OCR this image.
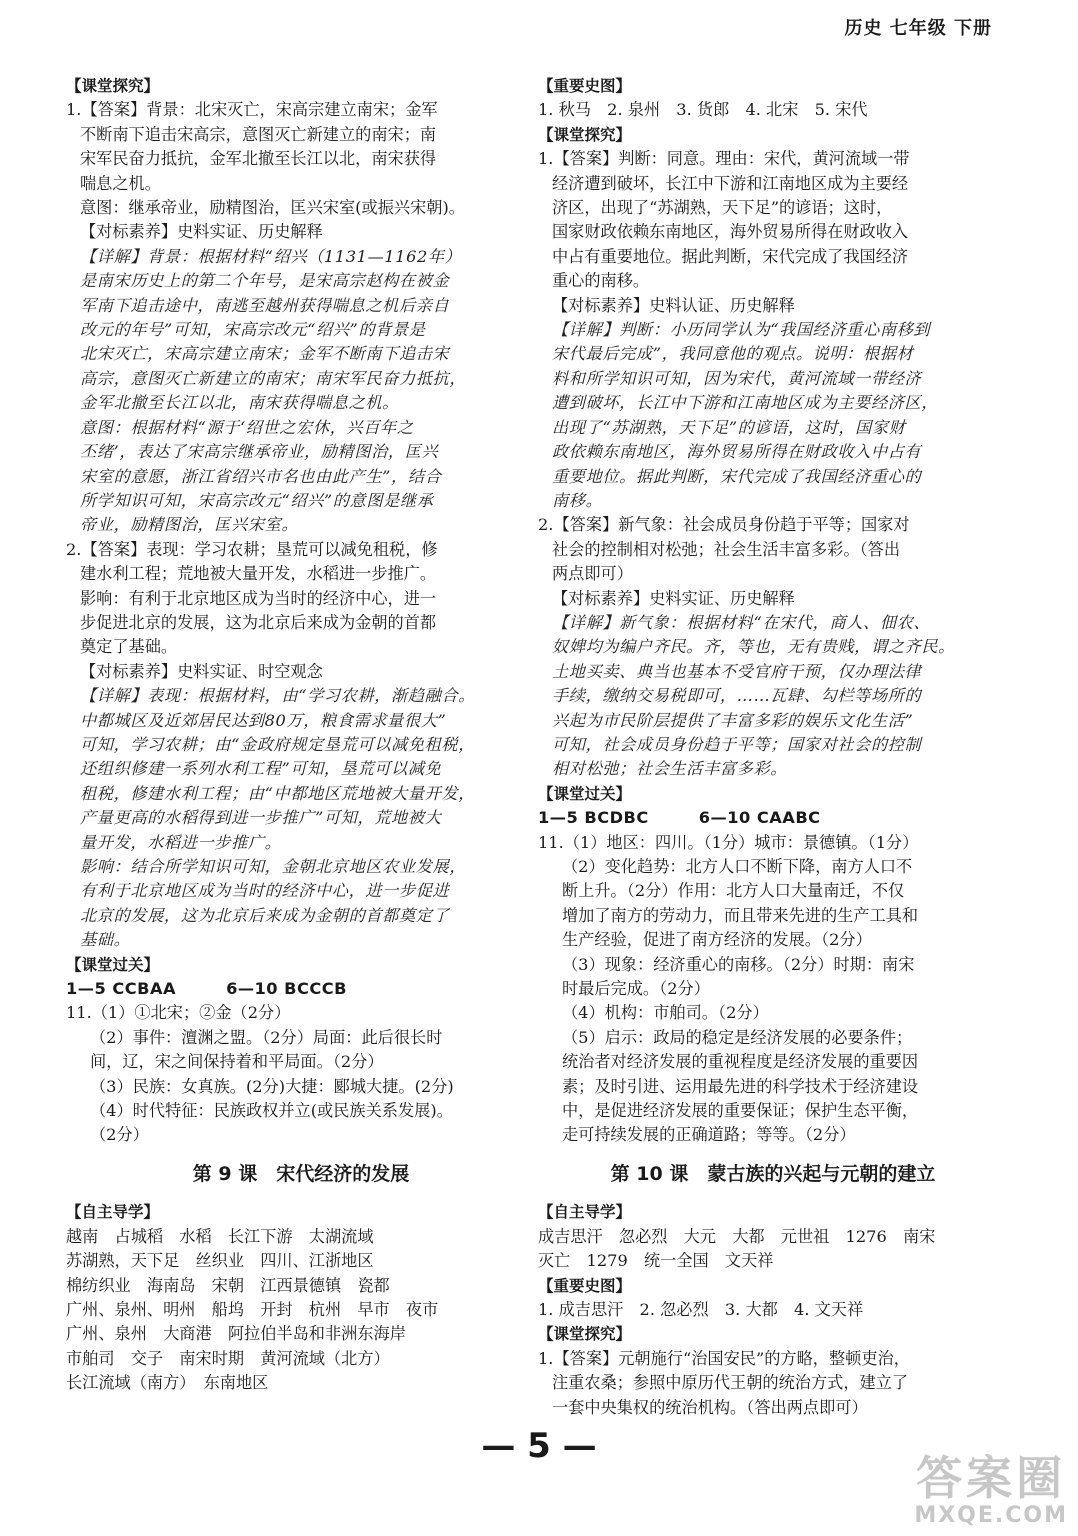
历史 七年级 下册
【课堂探究】
1.【答案】背景：北宋灭亡，宋高宗建立南宋；金军
不断南下追击宋高宗，意图灭亡新建立的南宋；南
宋军民奋力抵抗，金军北撤至长江以北，南宋获得
喘息之机。
意图：继承帝业，励精图治，匡兴宋室(或振兴宋朝)。
【对标素养】史料实证、历史解释
【详解】背景：根据材料“绍兴（1131—1162年）
是南宋历史上的第二个年号，是宋高宗赵构在被金
军南下追击途中，南逃至越州获得喘息之机后亲自
改元的年号”可知，宋高宗改元“绍兴”的背景是
北宋灭亡，宋高宗建立南宋；金军不断南下追击宋
高宗，意图灭亡新建立的南宋；南宋军民奋力抵抗，
金军北撤至长江以北，南宋获得喘息之机。
意图：根据材料“源于‘绍世之宏休，兴百年之
丕绪’，表达了宋高宗继承帝业，励精图治，匡兴
宋室的意愿，浙江省绍兴市名也由此产生”，结合
所学知识可知，宋高宗改元“绍兴”的意图是继承
帝业，励精图治，匡兴宋室。
2.【答案】表现：学习农耕；垦荒可以减免租税，修
建水利工程；荒地被大量开发，水稻进一步推广。
影响：有利于北京地区成为当时的经济中心，进一
步促进北京的发展，这为北京后来成为金朝的首都
奠定了基础。
【对标素养】史料实证、时空观念
【详解】表现：根据材料，由“学习农耕，渐趋融合。
中都城区及近郊居民达到80万，粮食需求量很大”
可知，学习农耕；由“金政府规定垦荒可以减免租税，
还组织修建一系列水利工程”可知，垦荒可以减免
租税，修建水利工程；由“中都地区荒地被大量开发，
产量更高的水稻得到进一步推广”可知，荒地被大
量开发，水稻进一步推广。
影响：结合所学知识可知，金朝北京地区农业发展，
有利于北京地区成为当时的经济中心，进一步促进
北京的发展，这为北京后来成为金朝的首都奠定了
基础。
【课堂过关】
1—5 CCBAA　　　6—10 BCCCB
11.（1）①北宋；②金（2分）
（2）事件：澶渊之盟。（2分）局面：此后很长时
间，辽，宋之间保持着和平局面。（2分）
（3）民族：女真族。(2分)大捷：郾城大捷。(2分)
（4）时代特征：民族政权并立(或民族关系发展)。
（2分）
第 9 课　宋代经济的发展
【自主导学】
越南　占城稻　水稻　长江下游　太湖流域
苏湖熟，天下足　丝织业　四川、江浙地区
棉纺织业　海南岛　宋朝　江西景德镇　瓷都
广州、泉州、明州　船坞　开封　杭州　早市　夜市
广州、泉州　大商港　阿拉伯半岛和非洲东海岸
市舶司　交子　南宋时期　黄河流域（北方）
长江流域（南方）　东南地区
【重要史图】
1. 秋马　2. 泉州　3. 货郎　4. 北宋　5. 宋代
【课堂探究】
1.【答案】判断：同意。理由：宋代，黄河流域一带
经济遭到破坏，长江中下游和江南地区成为主要经
济区，出现了“苏湖熟，天下足”的谚语；这时，
国家财政依赖东南地区，海外贸易所得在财政收入
中占有重要地位。据此判断，宋代完成了我国经济
重心的南移。
【对标素养】史料认证、历史解释
【详解】判断：小历同学认为“我国经济重心南移到
宋代最后完成”，我同意他的观点。说明：根据材
料和所学知识可知，因为宋代，黄河流域一带经济
遭到破坏，长江中下游和江南地区成为主要经济区，
出现了“苏湖熟，天下足”的谚语，这时，国家财
政依赖东南地区，海外贸易所得在财政收入中占有
重要地位。据此判断，宋代完成了我国经济重心的
南移。
2.【答案】新气象：社会成员身份趋于平等；国家对
社会的控制相对松弛；社会生活丰富多彩。（答出
两点即可）
【对标素养】史料实证、历史解释
【详解】新气象：根据材料“在宋代，商人、佃农、
奴婢均为编户齐民。齐，等也，无有贵贱，谓之齐民。
土地买卖、典当也基本不受官府干预，仅办理法律
手续，缴纳交易税即可，……瓦肆、勾栏等场所的
兴起为市民阶层提供了丰富多彩的娱乐文化生活”
可知，社会成员身份趋于平等；国家对社会的控制
相对松弛；社会生活丰富多彩。
【课堂过关】
1—5 BCDBC　　　6—10 CAABC
11.（1）地区：四川。（1分）城市：景德镇。（1分）
（2）变化趋势：北方人口不断下降，南方人口不
断上升。（2分）作用：北方人口大量南迁，不仅
增加了南方的劳动力，而且带来先进的生产工具和
生产经验，促进了南方经济的发展。（2分）
（3）现象：经济重心的南移。（2分）时期：南宋
时最后完成。（2分）
（4）机构：市舶司。（2分）
（5）启示：政局的稳定是经济发展的必要条件；
统治者对经济发展的重视程度是经济发展的重要因
素；及时引进、运用最先进的科学技术于经济建设
中，是促进经济发展的重要保证；保护生态平衡，
走可持续发展的正确道路；等等。（2分）
第 10 课　蒙古族的兴起与元朝的建立
【自主导学】
成吉思汗　忽必烈　大元　大都　元世祖　1276　南宋
灭亡　1279　统一全国　文天祥
【重要史图】
1. 成吉思汗　2. 忽必烈　3. 大都　4. 文天祥
【课堂探究】
1.【答案】元朝施行“治国安民”的方略，整顿吏治，
注重农桑；参照中原历代王朝的统治方式，建立了
一套中央集权的统治机构。（答出两点即可）
— 5 —
答案圈
MXQE.COM
